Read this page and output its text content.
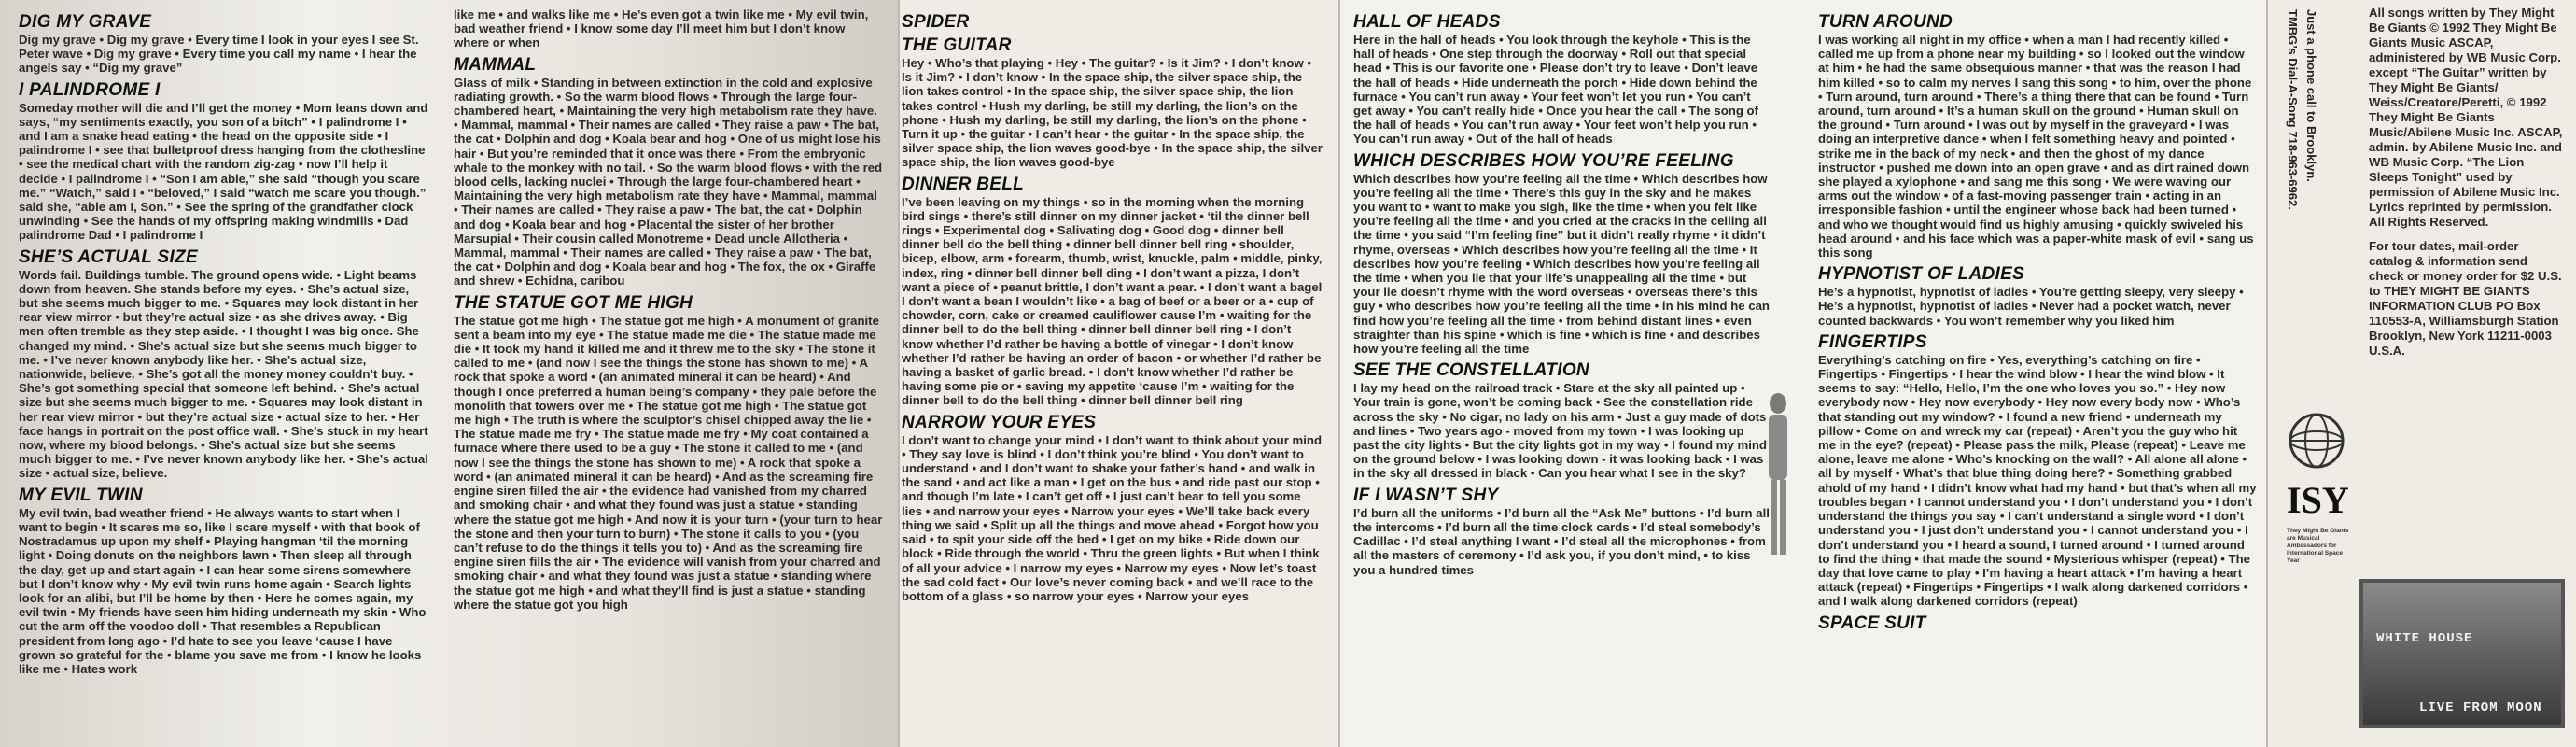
DIG MY GRAVE

Dig my grave • Dig my grave • Every time I look in your eyes I see St. Peter wave • Dig my grave • Every time you call my name • I hear the angels say • “Dig my grave”

I PALINDROME I

Someday mother will die and I’ll get the money • Mom leans down and says, “my sentiments exactly, you son of a bitch” • I palindrome I • and I am a snake head eating • the head on the opposite side • I palindrome I • see that bulletproof dress hanging from the clothesline • see the medical chart with the random zig-zag • now I’ll help it decide • I palindrome I • “Son I am able,” she said “though you scare me.” “Watch,” said I • “beloved,” I said “watch me scare you though.” said she, “able am I, Son.” • See the spring of the grandfather clock unwinding • See the hands of my offspring making windmills • Dad palindrome Dad • I palindrome I

SHE’S ACTUAL SIZE

Words fail. Buildings tumble. The ground opens wide. • Light beams down from heaven. She stands before my eyes. • She’s actual size, but she seems much bigger to me. • Squares may look distant in her rear view mirror • but they’re actual size • as she drives away. • Big men often tremble as they step aside. • I thought I was big once. She changed my mind. • She’s actual size but she seems much bigger to me. • I’ve never known anybody like her. • She’s actual size, nationwide, believe. • She’s got all the money money couldn’t buy. • She’s got something special that someone left behind. • She’s actual size but she seems much bigger to me. • Squares may look distant in her rear view mirror • but they’re actual size • actual size to her. • Her face hangs in portrait on the post office wall. • She’s stuck in my heart now, where my blood belongs. • She’s actual size but she seems much bigger to me. • I’ve never known anybody like her. • She’s actual size • actual size, believe.

MY EVIL TWIN

My evil twin, bad weather friend • He always wants to start when I want to begin • It scares me so, like I scare myself • with that book of Nostradamus up upon my shelf • Playing hangman ‘til the morning light • Doing donuts on the neighbors lawn • Then sleep all through the day, get up and start again • I can hear some sirens somewhere but I don’t know why • My evil twin runs home again • Search lights look for an alibi, but I’ll be home by then • Here he comes again, my evil twin • My friends have seen him hiding underneath my skin • Who cut the arm off the voodoo doll • That resembles a Republican president from long ago • I’d hate to see you leave ‘cause I have grown so grateful for the • blame you save me from • I know he looks like me • Hates work

like me • and walks like me • He’s even got a twin like me • My evil twin, bad weather friend • I know some day I’ll meet him but I don’t know where or when

MAMMAL

Glass of milk • Standing in between extinction in the cold and explosive radiating growth. • So the warm blood flows • Through the large four-chambered heart, • Maintaining the very high metabolism rate they have. • Mammal, mammal • Their names are called • They raise a paw • The bat, the cat • Dolphin and dog • Koala bear and hog • One of us might lose his hair • But you’re reminded that it once was there • From the embryonic whale to the monkey with no tail. • So the warm blood flows • with the red blood cells, lacking nuclei • Through the large four-chambered heart • Maintaining the very high metabolism rate they have • Mammal, mammal • Their names are called • They raise a paw • The bat, the cat • Dolphin and dog • Koala bear and hog • Placental the sister of her brother Marsupial • Their cousin called Monotreme • Dead uncle Allotheria • Mammal, mammal • Their names are called • They raise a paw • The bat, the cat • Dolphin and dog • Koala bear and hog • The fox, the ox • Giraffe and shrew • Echidna, caribou

THE STATUE GOT ME HIGH

The statue got me high • The statue got me high • A monument of granite sent a beam into my eye • The statue made me die • The statue made me die • It took my hand it killed me and it threw me to the sky • The stone it called to me • (and now I see the things the stone has shown to me) • A rock that spoke a word • (an animated mineral it can be heard) • And though I once preferred a human being’s company • they pale before the monolith that towers over me • The statue got me high • The statue got me high • The truth is where the sculptor’s chisel chipped away the lie • The statue made me fry • The statue made me fry • My coat contained a furnace where there used to be a guy • The stone it called to me • (and now I see the things the stone has shown to me) • A rock that spoke a word • (an animated mineral it can be heard) • And as the screaming fire engine siren filled the air • the evidence had vanished from my charred and smoking chair • and what they found was just a statue • standing where the statue got me high • And now it is your turn • (your turn to hear the stone and then your turn to burn) • The stone it calls to you • (you can’t refuse to do the things it tells you to) • And as the screaming fire engine siren fills the air • The evidence will vanish from your charred and smoking chair • and what they found was just a statue • standing where the statue got me high • and what they’ll find is just a statue • standing where the statue got you high

SPIDER
THE GUITAR

Hey • Who’s that playing • Hey • The guitar? • Is it Jim? • I don’t know • Is it Jim? • I don’t know • In the space ship, the silver space ship, the lion takes control • In the space ship, the silver space ship, the lion takes control • Hush my darling, be still my darling, the lion’s on the phone • Hush my darling, be still my darling, the lion’s on the phone • Turn it up • the guitar • I can’t hear • the guitar • In the space ship, the silver space ship, the lion waves good-bye • In the space ship, the silver space ship, the lion waves good-bye

DINNER BELL

I’ve been leaving on my things • so in the morning when the morning bird sings • there’s still dinner on my dinner jacket • ‘til the dinner bell rings • Experimental dog • Salivating dog • Good dog • dinner bell dinner bell do the bell thing • dinner bell dinner bell ring • shoulder, bicep, elbow, arm • forearm, thumb, wrist, knuckle, palm • middle, pinky, index, ring • dinner bell dinner bell ding • I don’t want a pizza, I don’t want a piece of • peanut brittle, I don’t want a pear. • I don’t want a bagel I don’t want a bean I wouldn’t like • a bag of beef or a beer or a • cup of chowder, corn, cake or creamed cauliflower cause I’m • waiting for the dinner bell to do the bell thing • dinner bell dinner bell ring • I don’t know whether I’d rather be having a bottle of vinegar • I don’t know whether I’d rather be having an order of bacon • or whether I’d rather be having a basket of garlic bread. • I don’t know whether I’d rather be having some pie or • saving my appetite ‘cause I’m • waiting for the dinner bell to do the bell thing • dinner bell dinner bell ring

NARROW YOUR EYES

I don’t want to change your mind • I don’t want to think about your mind • They say love is blind • I don’t think you’re blind • You don’t want to understand • and I don’t want to shake your father’s hand • and walk in the sand • and act like a man • I get on the bus • and ride past our stop • and though I’m late • I can’t get off • I just can’t bear to tell you some lies • and narrow your eyes • Narrow your eyes • We’ll take back every thing we said • Split up all the things and move ahead • Forgot how you said • to spit your side off the bed • I get on my bike • Ride down our block • Ride through the world • Thru the green lights • But when I think of all your advice • I narrow my eyes • Narrow my eyes • Now let’s toast the sad cold fact • Our love’s never coming back • and we’ll race to the bottom of a glass • so narrow your eyes • Narrow your eyes

HALL OF HEADS

Here in the hall of heads • You look through the keyhole • This is the hall of heads • One step through the doorway • Roll out that special head • This is our favorite one • Please don’t try to leave • Don’t leave the hall of heads • Hide underneath the porch • Hide down behind the furnace • You can’t run away • Your feet won’t let you run • You can’t get away • You can’t really hide • Once you hear the call • The song of the hall of heads • You can’t run away • Your feet won’t help you run • You can’t run away • Out of the hall of heads

WHICH DESCRIBES HOW YOU’RE FEELING

Which describes how you’re feeling all the time • Which describes how you’re feeling all the time • There’s this guy in the sky and he makes you want to • want to make you sigh, like the time • when you felt like you’re feeling all the time • and you cried at the cracks in the ceiling all the time • you said “I’m feeling fine” but it didn’t really rhyme • it didn’t rhyme, overseas • Which describes how you’re feeling all the time • It describes how you’re feeling • Which describes how you’re feeling all the time • when you lie that your life’s unappealing all the time • but your lie doesn’t rhyme with the word overseas • overseas there’s this guy • who describes how you’re feeling all the time • in his mind he can find how you’re feeling all the time • from behind distant lines • even straighter than his spine • which is fine • which is fine • and describes how you’re feeling all the time

SEE THE CONSTELLATION

I lay my head on the railroad track • Stare at the sky all painted up • Your train is gone, won’t be coming back • See the constellation ride across the sky • No cigar, no lady on his arm • Just a guy made of dots and lines • Two years ago - moved from my town • I was looking up past the city lights • But the city lights got in my way • I found my mind on the ground below • I was looking down - it was looking back • I was in the sky all dressed in black • Can you hear what I see in the sky?

IF I WASN’T SHY

I’d burn all the uniforms • I’d burn all the “Ask Me” buttons • I’d burn all the intercoms • I’d burn all the time clock cards • I’d steal somebody’s Cadillac • I’d steal anything I want • I’d steal all the microphones • from all the masters of ceremony • I’d ask you, if you don’t mind, • to kiss you a hundred times

TURN AROUND

I was working all night in my office • when a man I had recently killed • called me up from a phone near my building • so I looked out the window at him • he had the same obsequious manner • that was the reason I had him killed • so to calm my nerves I sang this song • to him, over the phone • Turn around, turn around • There’s a thing there that can be found • Turn around, turn around • It’s a human skull on the ground • Human skull on the ground • Turn around • I was out by myself in the graveyard • I was doing an interpretive dance • when I felt something heavy and pointed • strike me in the back of my neck • and then the ghost of my dance instructor • pushed me down into an open grave • and as dirt rained down she played a xylophone • and sang me this song • We were waving our arms out the window • of a fast-moving passenger train • acting in an irresponsible fashion • until the engineer whose back had been turned • and who we thought would find us highly amusing • quickly swiveled his head around • and his face which was a paper-white mask of evil • sang us this song

HYPNOTIST OF LADIES

He’s a hypnotist, hypnotist of ladies • You’re getting sleepy, very sleepy • He’s a hypnotist, hypnotist of ladies • Never had a pocket watch, never counted backwards • You won’t remember why you liked him

FINGERTIPS

Everything’s catching on fire • Yes, everything’s catching on fire • Fingertips • Fingertips • I hear the wind blow • I hear the wind blow • It seems to say: “Hello, Hello, I’m the one who loves you so.” • Hey now everybody now • Hey now everybody • Hey now every body now • Who’s that standing out my window? • I found a new friend • underneath my pillow • Come on and wreck my car (repeat) • Aren’t you the guy who hit me in the eye? (repeat) • Please pass the milk, Please (repeat) • Leave me alone, leave me alone • Who’s knocking on the wall? • All alone all alone • all by myself • What’s that blue thing doing here? • Something grabbed ahold of my hand • I didn’t know what had my hand • but that’s when all my troubles began • I cannot understand you • I don’t understand you • I don’t understand the things you say • I can’t understand a single word • I don’t understand you • I just don’t understand you • I cannot understand you • I don’t understand you • I heard a sound, I turned around • I turned around to find the thing • that made the sound • Mysterious whisper (repeat) • The day that love came to play • I’m having a heart attack • I’m having a heart attack (repeat) • Fingertips • Fingertips • I walk along darkened corridors • and I walk along darkened corridors (repeat)

SPACE SUIT

TMBG’s Dial-A-Song 718-963-6962. Just a phone call to Brooklyn.	All songs written by They Might Be Giants © 1992 They Might Be Giants Music ASCAP, administered by WB Music Corp. except “The Guitar” written by They Might Be Giants/ Weiss/Creatore/Peretti, © 1992 They Might Be Giants Music/Abilene Music Inc. ASCAP, admin. by Abilene Music Inc. and WB Music Corp. “The Lion Sleeps Tonight” used by permission of Abilene Music Inc. Lyrics reprinted by permission. All Rights Reserved.

For tour dates, mail-order catalog & information send check or money order for $2 U.S. to THEY MIGHT BE GIANTS INFORMATION CLUB PO Box 110553-A, Williamsburgh Station Brooklyn, New York 11211-0003 U.S.A.

ISY
They Might Be Giants are Musical Ambassadors for International Space Year
WHITE HOUSE
LIVE FROM MOON
